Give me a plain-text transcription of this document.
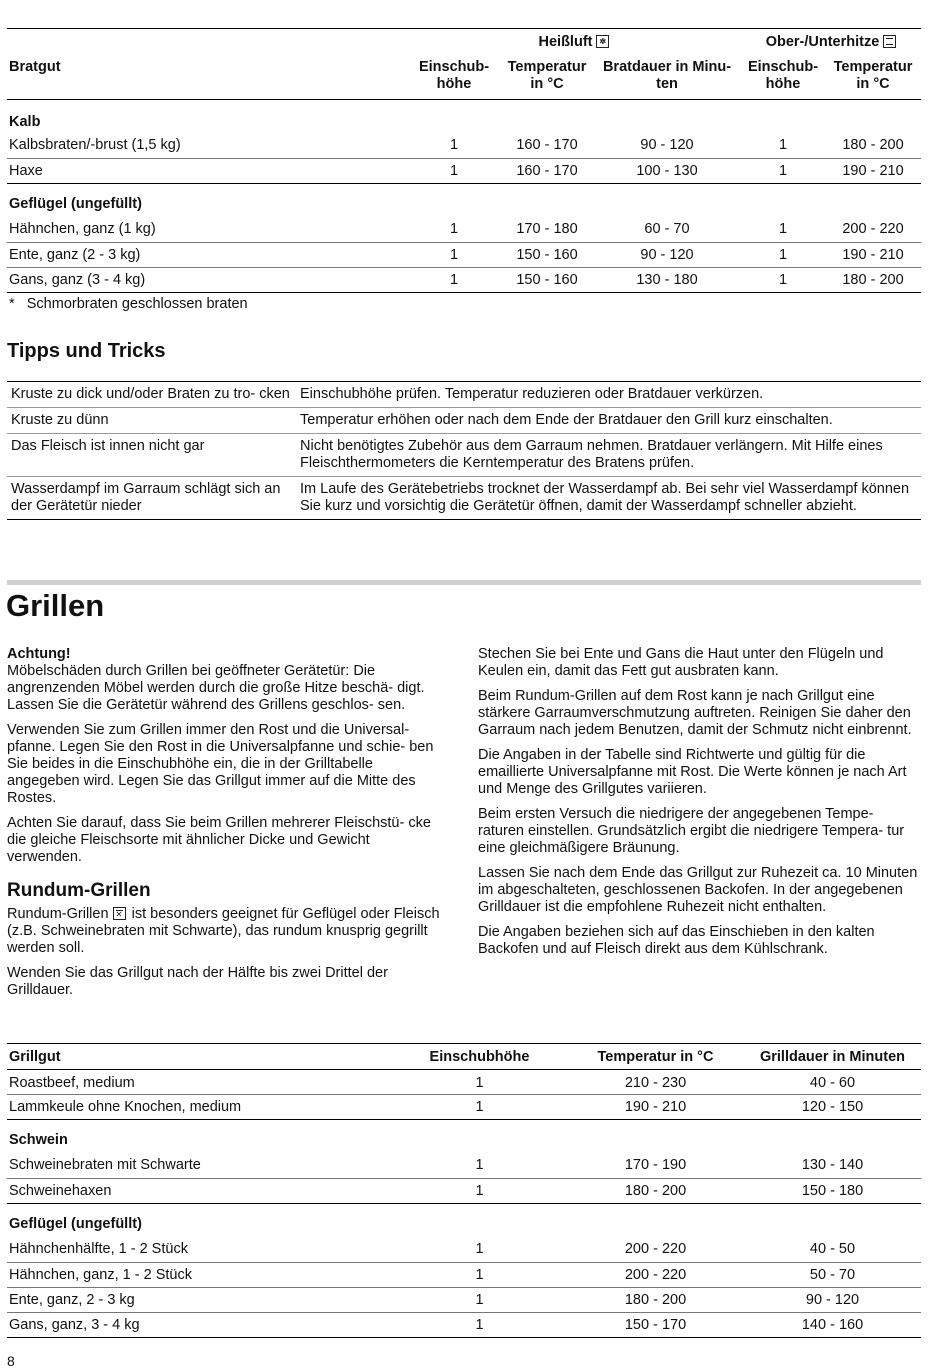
	Heißluft ✲			Ober-/Unterhitze	

Bratgut	Einschub- höhe	Temperatur in °C	Bratdauer in Minu- ten	Einschub- höhe	Temperatur in °C
Kalb					
Kalbsbraten/-brust (1,5 kg)	1	160 - 170	90 - 120	1	180 - 200
Haxe	1	160 - 170	100 - 130	1	190 - 210
Geflügel (ungefüllt)					
Hähnchen, ganz (1 kg)	1	170 - 180	60 - 70	1	200 - 220
Ente, ganz (2 - 3 kg)	1	150 - 160	90 - 120	1	190 - 210
Gans, ganz (3 - 4 kg)	1	150 - 160	130 - 180	1	180 - 200
* Schmorbraten geschlossen braten
Tipps und Tricks
Kruste zu dick und/oder Braten zu tro- cken	Einschubhöhe prüfen. Temperatur reduzieren oder Bratdauer verkürzen.
Kruste zu dünn	Temperatur erhöhen oder nach dem Ende der Bratdauer den Grill kurz einschalten.
Das Fleisch ist innen nicht gar	Nicht benötigtes Zubehör aus dem Garraum nehmen. Bratdauer verlängern. Mit Hilfe eines Fleischthermometers die Kerntemperatur des Bratens prüfen.
Wasserdampf im Garraum schlägt sich an der Gerätetür nieder	Im Laufe des Gerätebetriebs trocknet der Wasserdampf ab. Bei sehr viel Wasserdampf können Sie kurz und vorsichtig die Gerätetür öffnen, damit der Wasserdampf schneller abzieht.
Grillen

Achtung!

Möbelschäden durch Grillen bei geöffneter Gerätetür: Die angrenzenden Möbel werden durch die große Hitze beschä- digt. Lassen Sie die Gerätetür während des Grillens geschlos- sen.

Verwenden Sie zum Grillen immer den Rost und die Universal- pfanne. Legen Sie den Rost in die Universalpfanne und schie- ben Sie beides in die Einschubhöhe ein, die in der Grilltabelle angegeben wird. Legen Sie das Grillgut immer auf die Mitte des Rostes.

Achten Sie darauf, dass Sie beim Grillen mehrerer Fleischstü- cke die gleiche Fleischsorte mit ähnlicher Dicke und Gewicht verwenden.

Rundum-Grillen

Rundum-Grillen ✕ ist besonders geeignet für Geflügel oder Fleisch (z.B. Schweinebraten mit Schwarte), das rundum knusprig gegrillt werden soll.

Wenden Sie das Grillgut nach der Hälfte bis zwei Drittel der Grilldauer.

Stechen Sie bei Ente und Gans die Haut unter den Flügeln und Keulen ein, damit das Fett gut ausbraten kann.

Beim Rundum-Grillen auf dem Rost kann je nach Grillgut eine stärkere Garraumverschmutzung auftreten. Reinigen Sie daher den Garraum nach jedem Benutzen, damit der Schmutz nicht einbrennt.

Die Angaben in der Tabelle sind Richtwerte und gültig für die emaillierte Universalpfanne mit Rost. Die Werte können je nach Art und Menge des Grillgutes variieren.

Beim ersten Versuch die niedrigere der angegebenen Tempe- raturen einstellen. Grundsätzlich ergibt die niedrigere Tempera- tur eine gleichmäßigere Bräunung.

Lassen Sie nach dem Ende das Grillgut zur Ruhezeit ca. 10 Minuten im abgeschalteten, geschlossenen Backofen. In der angegebenen Grilldauer ist die empfohlene Ruhezeit nicht enthalten.

Die Angaben beziehen sich auf das Einschieben in den kalten Backofen und auf Fleisch direkt aus dem Kühlschrank.

Grillgut	Einschubhöhe	Temperatur in °C	Grilldauer in Minuten
Roastbeef, medium	1	210 - 230	40 - 60
Lammkeule ohne Knochen, medium	1	190 - 210	120 - 150
Schwein			
Schweinebraten mit Schwarte	1	170 - 190	130 - 140
Schweinehaxen	1	180 - 200	150 - 180
Geflügel (ungefüllt)			
Hähnchenhälfte, 1 - 2 Stück	1	200 - 220	40 - 50
Hähnchen, ganz, 1 - 2 Stück	1	200 - 220	50 - 70
Ente, ganz, 2 - 3 kg	1	180 - 200	90 - 120
Gans, ganz, 3 - 4 kg	1	150 - 170	140 - 160
8
